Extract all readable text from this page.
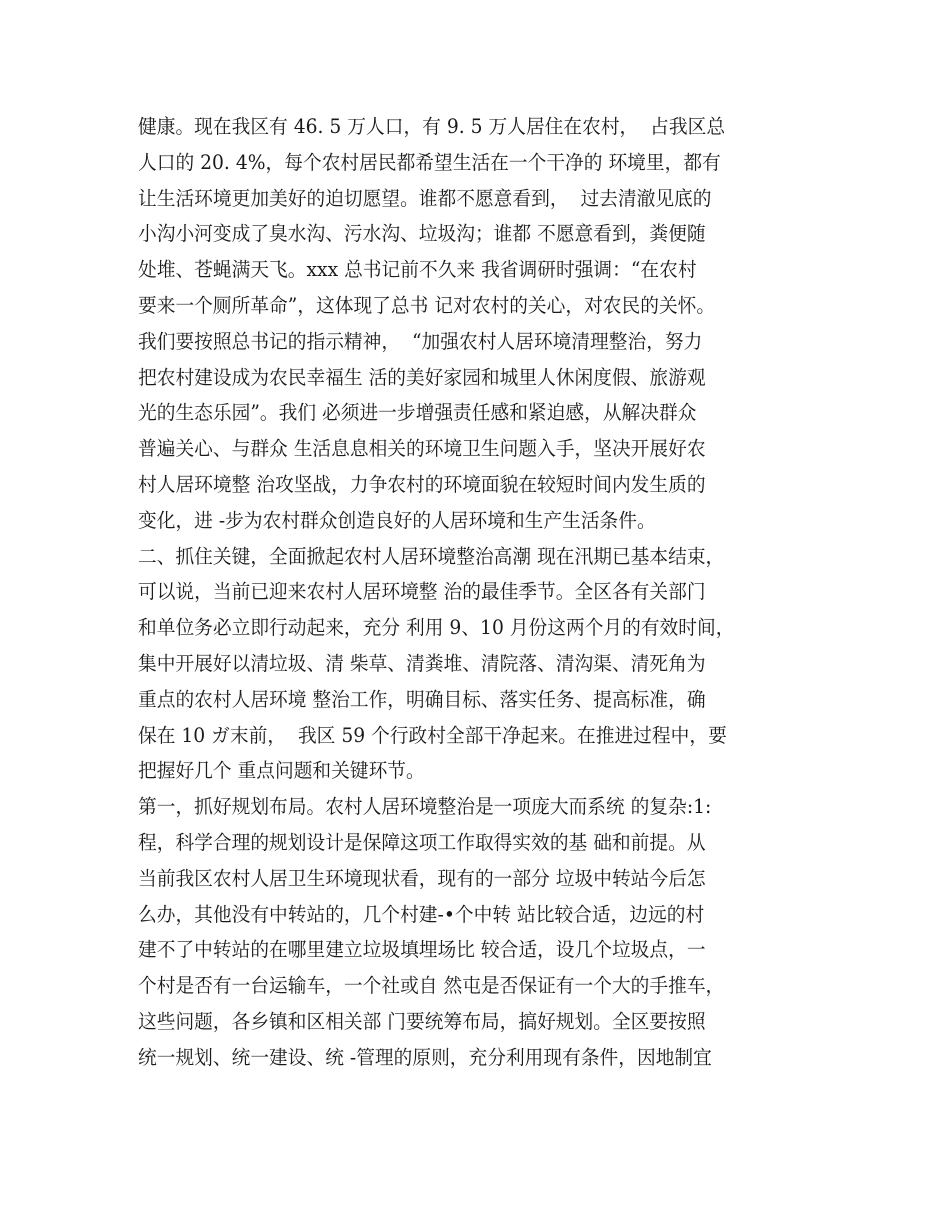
健康。现在我区有 46. 5 万人口，有 9. 5 万人居住在农村，  占我区总
人口的 20. 4%，每个农村居民都希望生活在一个干净的 环境里，都有
让生活环境更加美好的迫切愿望。谁都不愿意看到，  过去清澈见底的
小沟小河变成了臭水沟、污水沟、垃圾沟；谁都 不愿意看到，粪便随
处堆、苍蝇满天飞。xxx 总书记前不久来 我省调研时强调：“在农村
要来一个厕所革命”，这体现了总书 记对农村的关心，对农民的关怀。
我们要按照总书记的指示精神，  “加强农村人居环境清理整治，努力
把农村建设成为农民幸福生 活的美好家园和城里人休闲度假、旅游观
光的生态乐园”。我们 必须进一步增强责任感和紧迫感，从解决群众
普遍关心、与群众 生活息息相关的环境卫生问题入手，坚决开展好农
村人居环境整 治攻坚战，力争农村的环境面貌在较短时间内发生质的
变化，进 -步为农村群众创造良好的人居环境和生产生活条件。
二、抓住关键，全面掀起农村人居环境整治高潮 现在汛期已基本结束，
可以说，当前已迎来农村人居环境整 治的最佳季节。全区各有关部门
和单位务必立即行动起来，充分 利用 9、10 月份这两个月的有效时间，
集中开展好以清垃圾、清 柴草、清粪堆、清院落、清沟渠、清死角为
重点的农村人居环境 整治工作，明确目标、落实任务、提高标准，确
保在 10 ガ末前，  我区 59 个行政村全部干净起来。在推进过程中，要
把握好几个 重点问题和关键环节。
第一，抓好规划布局。农村人居环境整治是一项庞大而系统 的复杂:1:
程，科学合理的规划设计是保障这项工作取得实效的基 础和前提。从
当前我区农村人居卫生环境现状看，现有的一部分 垃圾中转站今后怎
么办，其他没有中转站的，几个村建-•个中转 站比较合适，边远的村
建不了中转站的在哪里建立垃圾填埋场比 较合适，设几个垃圾点，一
个村是否有一台运输车，一个社或自 然屯是否保证有一个大的手推车，
这些问题，各乡镇和区相关部 门要统筹布局，搞好规划。全区要按照
统一规划、统一建设、统 -管理的原则，充分利用现有条件，因地制宜
